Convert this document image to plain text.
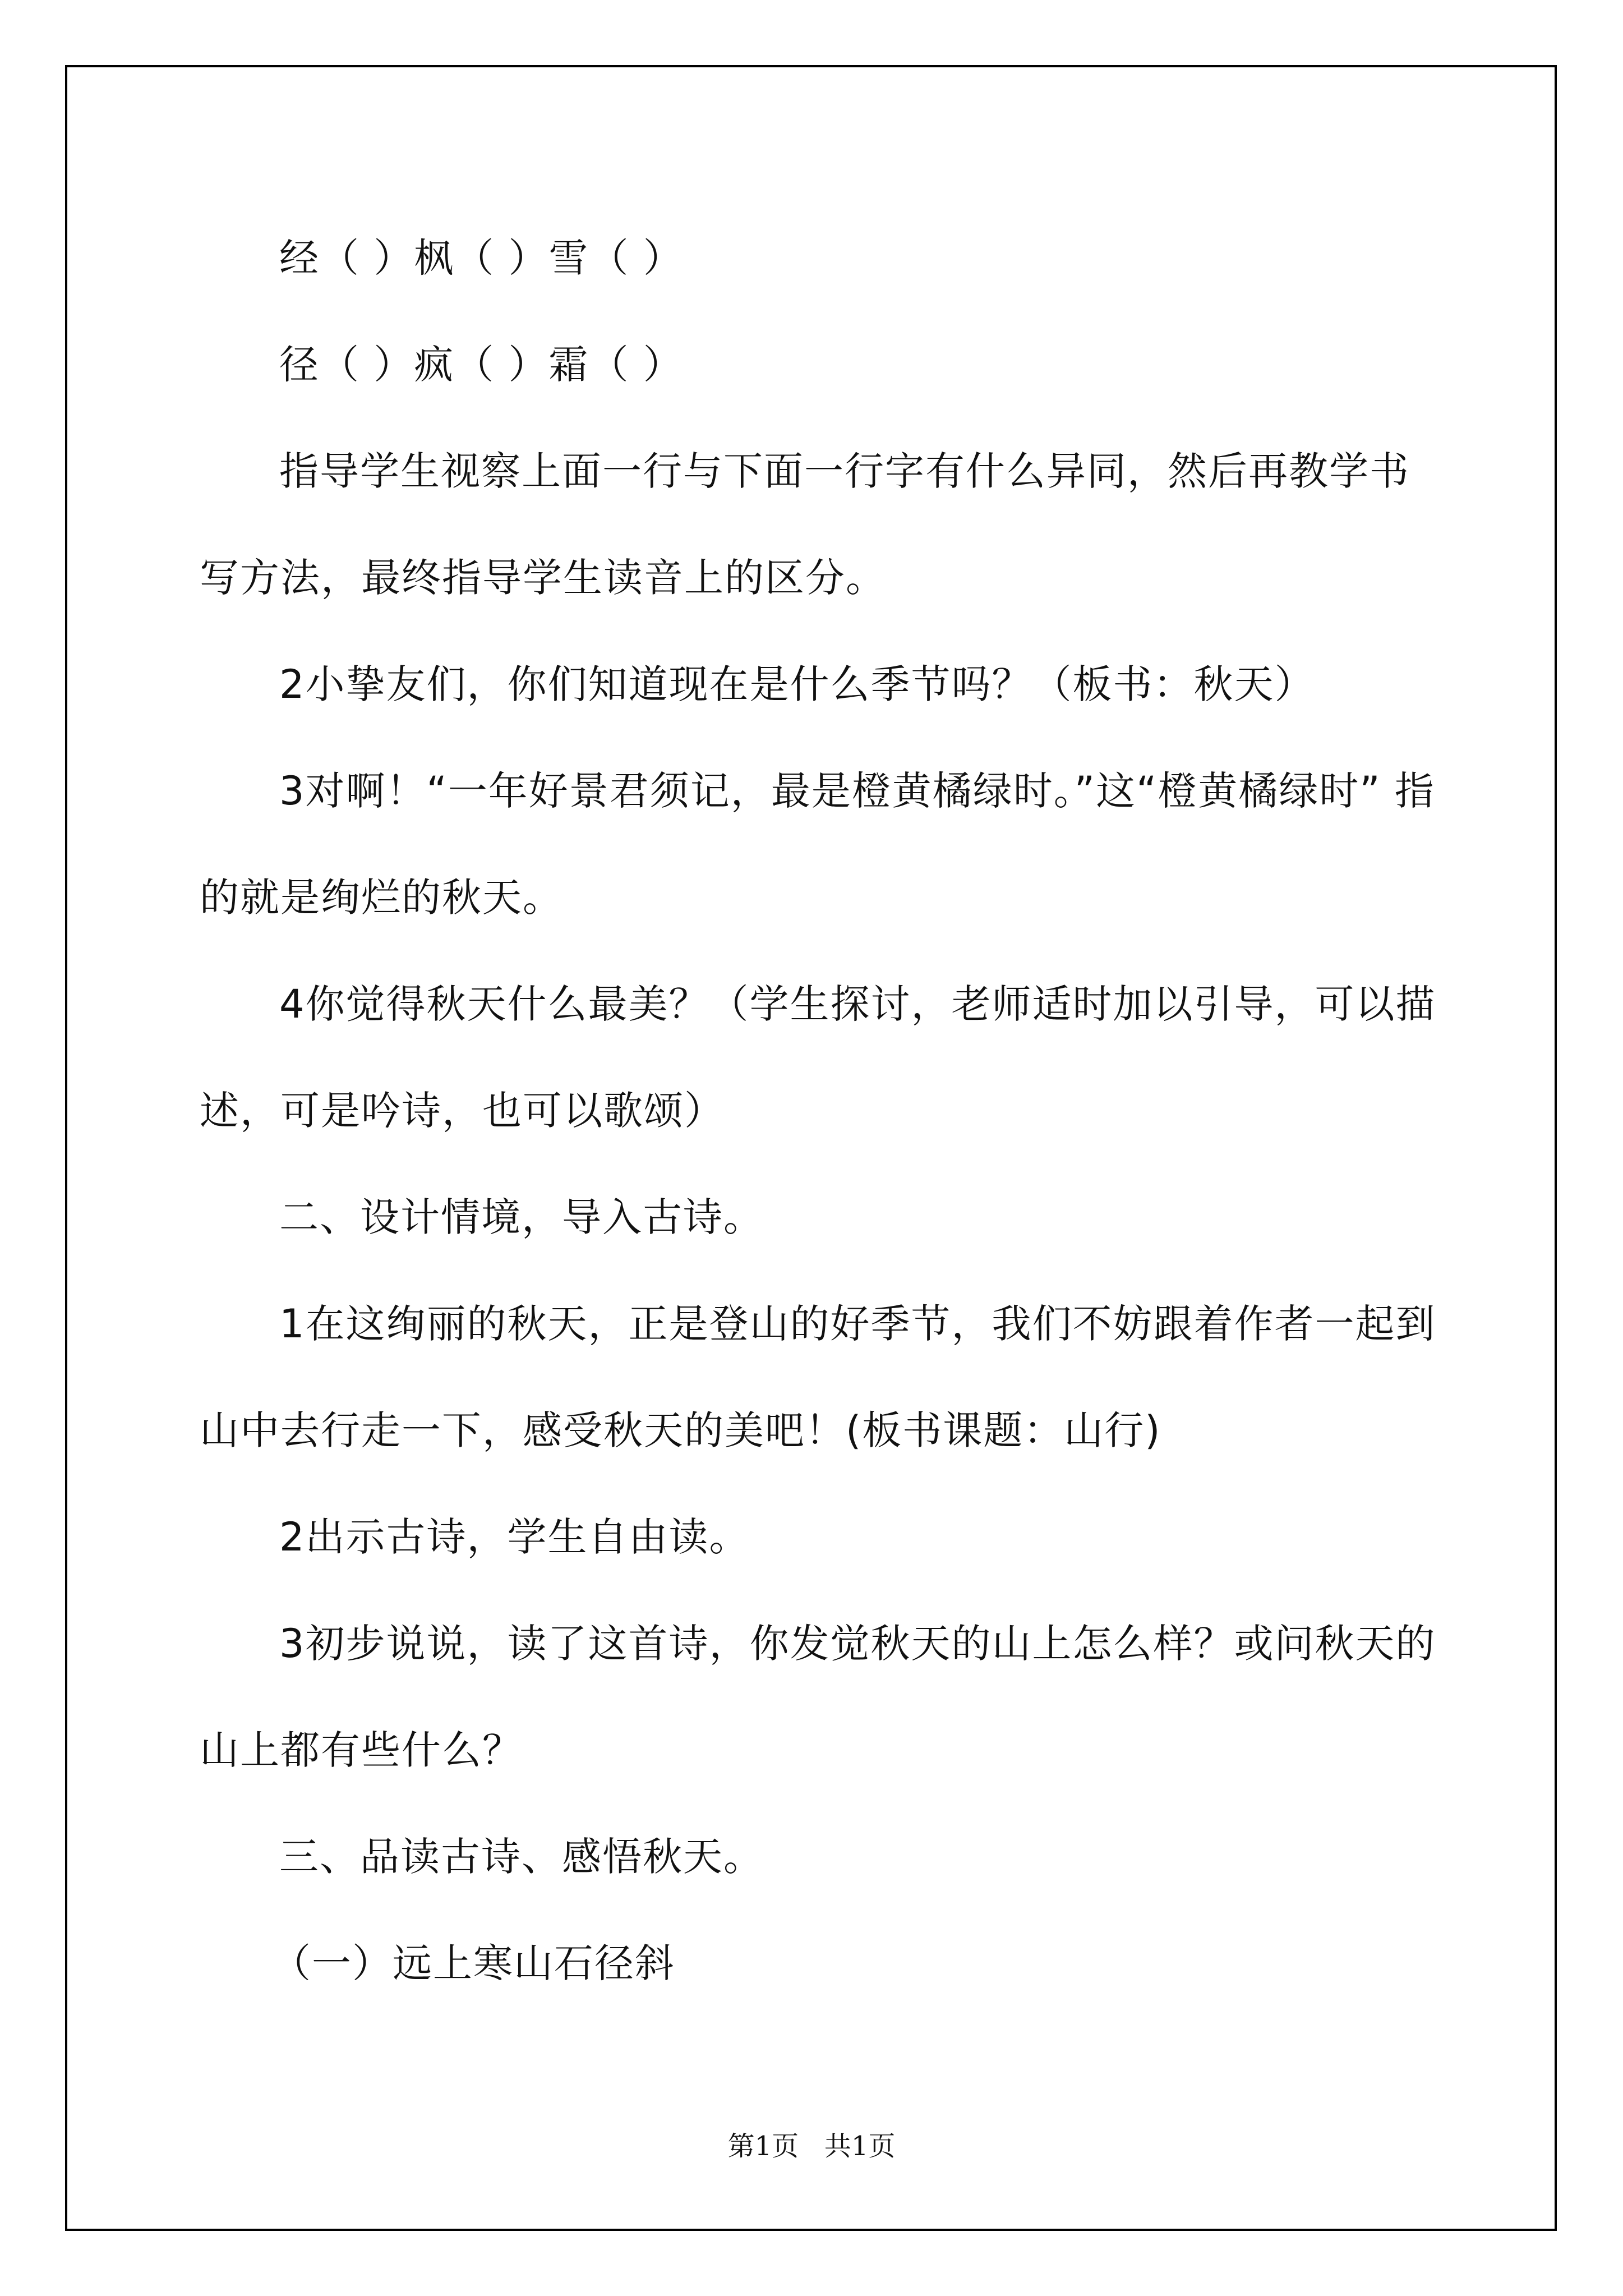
经（ ）枫（ ）雪（ ）

径（ ）疯（ ）霜（ ）

指导学生视察上面一行与下面一行字有什么异同，然后再教学书写方法，最终指导学生读音上的区分。

2小挚友们，你们知道现在是什么季节吗？（板书：秋天）

3对啊！“一年好景君须记，最是橙黄橘绿时。”这“橙黄橘绿时” 指的就是绚烂的秋天。

4你觉得秋天什么最美？（学生探讨，老师适时加以引导，可以描述，可是吟诗，也可以歌颂）

二、设计情境，导入古诗。

1在这绚丽的秋天，正是登山的好季节，我们不妨跟着作者一起到山中去行走一下，感受秋天的美吧！(板书课题：山行)

2出示古诗，学生自由读。

3初步说说，读了这首诗，你发觉秋天的山上怎么样？或问秋天的山上都有些什么？

三、品读古诗、感悟秋天。

（一）远上寒山石径斜

第1页   共1页
